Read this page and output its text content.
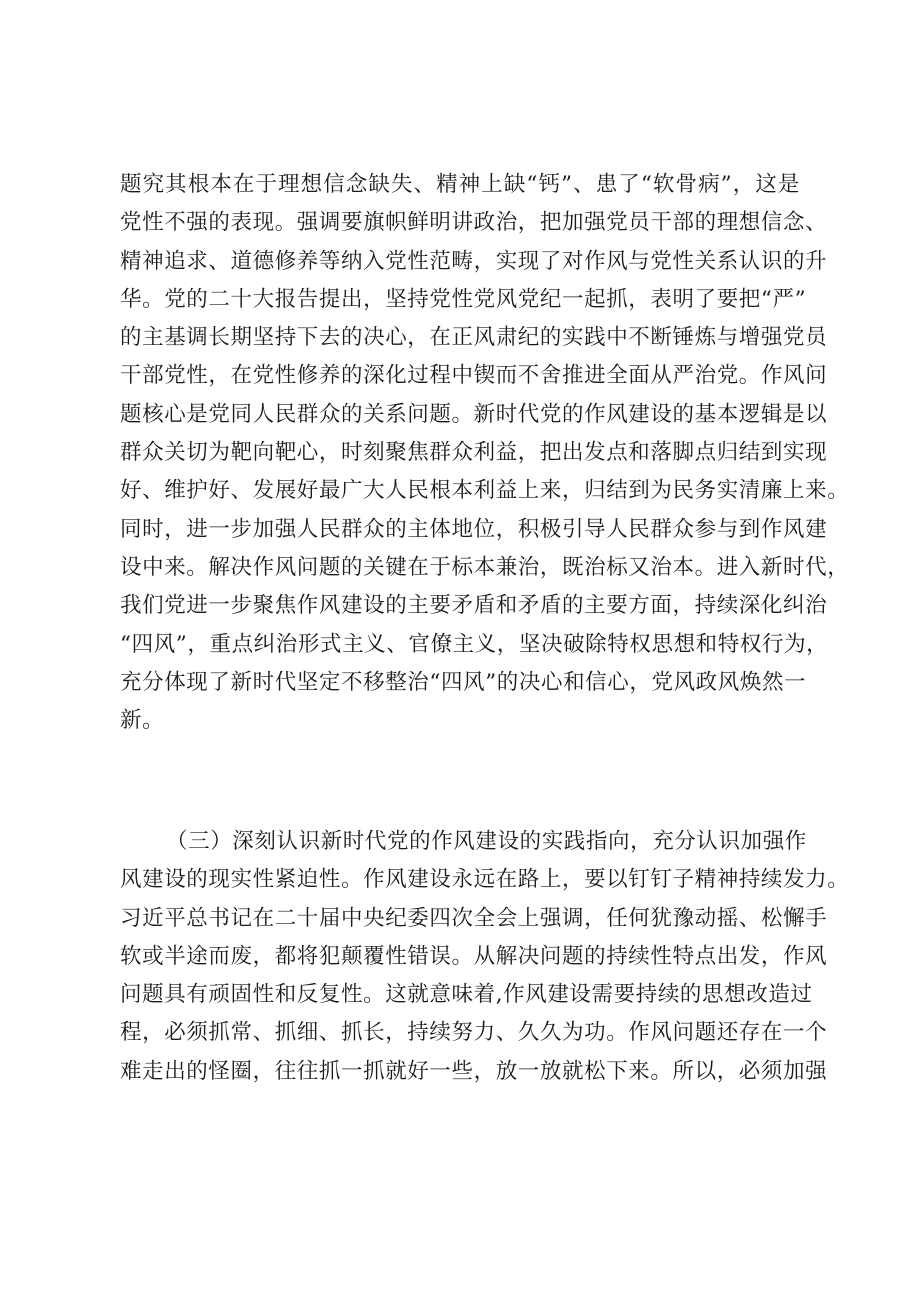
题究其根本在于理想信念缺失、精神上缺“钙”、患了“软骨病”，这是
党性不强的表现。强调要旗帜鲜明讲政治，把加强党员干部的理想信念、
精神追求、道德修养等纳入党性范畴，实现了对作风与党性关系认识的升
华。党的二十大报告提出，坚持党性党风党纪一起抓，表明了要把“严”
的主基调长期坚持下去的决心，在正风肃纪的实践中不断锤炼与增强党员
干部党性，在党性修养的深化过程中锲而不舍推进全面从严治党。作风问
题核心是党同人民群众的关系问题。新时代党的作风建设的基本逻辑是以
群众关切为靶向靶心，时刻聚焦群众利益，把出发点和落脚点归结到实现
好、维护好、发展好最广大人民根本利益上来，归结到为民务实清廉上来。
同时，进一步加强人民群众的主体地位，积极引导人民群众参与到作风建
设中来。解决作风问题的关键在于标本兼治，既治标又治本。进入新时代，
我们党进一步聚焦作风建设的主要矛盾和矛盾的主要方面，持续深化纠治
“四风”，重点纠治形式主义、官僚主义，坚决破除特权思想和特权行为，
充分体现了新时代坚定不移整治“四风”的决心和信心，党风政风焕然一
新。
（三）深刻认识新时代党的作风建设的实践指向，充分认识加强作
风建设的现实性紧迫性。作风建设永远在路上，要以钉钉子精神持续发力。
习近平总书记在二十届中央纪委四次全会上强调，任何犹豫动摇、松懈手
软或半途而废，都将犯颠覆性错误。从解决问题的持续性特点出发，作风
问题具有顽固性和反复性。这就意味着,作风建设需要持续的思想改造过
程，必须抓常、抓细、抓长，持续努力、久久为功。作风问题还存在一个
难走出的怪圈，往往抓一抓就好一些，放一放就松下来。所以，必须加强
